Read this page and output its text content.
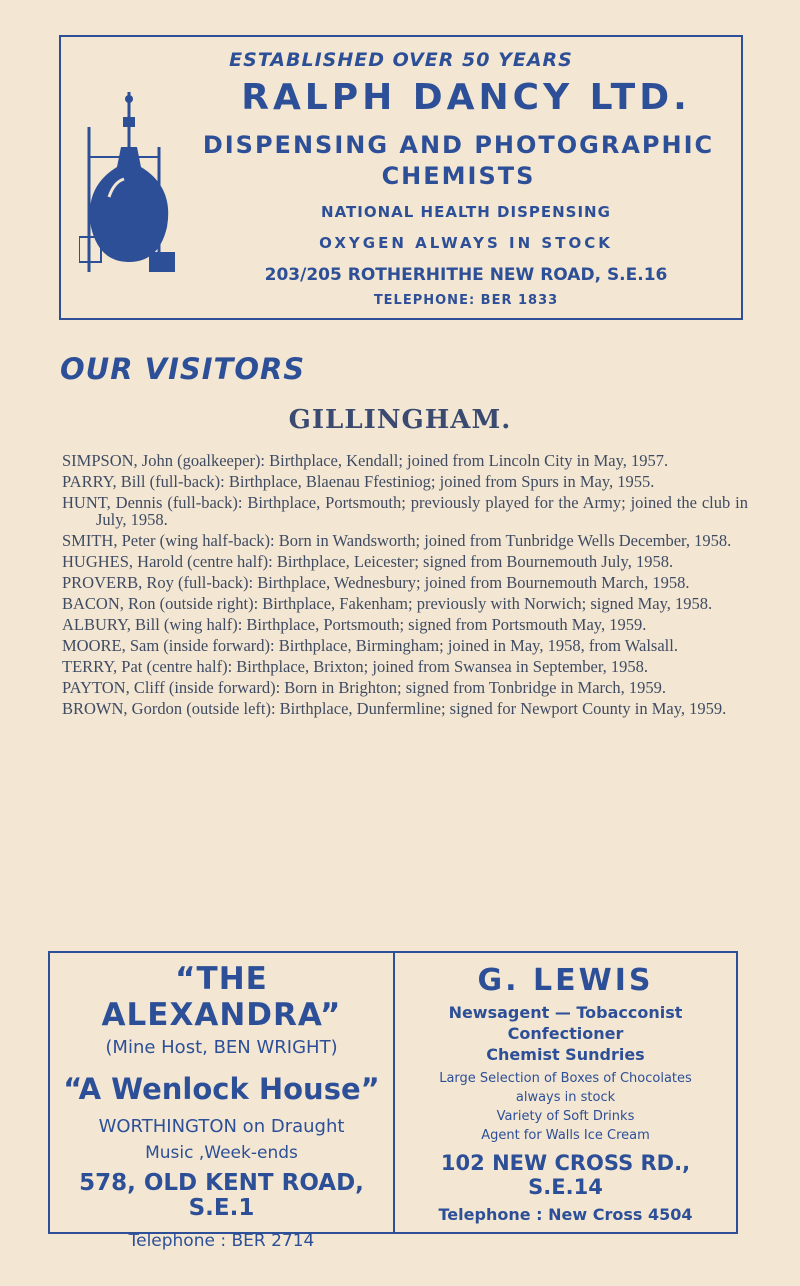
ESTABLISHED OVER 50 YEARS
RALPH DANCY LTD.
DISPENSING AND PHOTOGRAPHIC
CHEMISTS
NATIONAL HEALTH DISPENSING
OXYGEN ALWAYS IN STOCK
203/205 ROTHERHITHE NEW ROAD, S.E.16
TELEPHONE: BER 1833
OUR VISITORS
GILLINGHAM.
SIMPSON, John (goalkeeper): Birthplace, Kendall; joined from Lincoln City in May, 1957.
PARRY, Bill (full-back): Birthplace, Blaenau Ffestiniog; joined from Spurs in May, 1955.
HUNT, Dennis (full-back): Birthplace, Portsmouth; previously played for the Army; joined the club in July, 1958.
SMITH, Peter (wing half-back): Born in Wandsworth; joined from Tunbridge Wells December, 1958.
HUGHES, Harold (centre half): Birthplace, Leicester; signed from Bournemouth July, 1958.
PROVERB, Roy (full-back): Birthplace, Wednesbury; joined from Bournemouth March, 1958.
BACON, Ron (outside right): Birthplace, Fakenham; previously with Norwich; signed May, 1958.
ALBURY, Bill (wing half): Birthplace, Portsmouth; signed from Portsmouth May, 1959.
MOORE, Sam (inside forward): Birthplace, Birmingham; joined in May, 1958, from Walsall.
TERRY, Pat (centre half): Birthplace, Brixton; joined from Swansea in September, 1958.
PAYTON, Cliff (inside forward): Born in Brighton; signed from Tonbridge in March, 1959.
BROWN, Gordon (outside left): Birthplace, Dunfermline; signed for Newport County in May, 1959.
“THE ALEXANDRA”
(Mine Host, BEN WRIGHT)
“A Wenlock House”
WORTHINGTON on Draught
Music ,Week-ends
578, OLD KENT ROAD,
S.E.1
Telephone : BER 2714
G. LEWIS
Newsagent — Tobacconist
Confectioner
Chemist Sundries
Large Selection of Boxes of Chocolates
always in stock
Variety of Soft Drinks
Agent for Walls Ice Cream
102 NEW CROSS RD.,
S.E.14
Telephone : New Cross 4504
